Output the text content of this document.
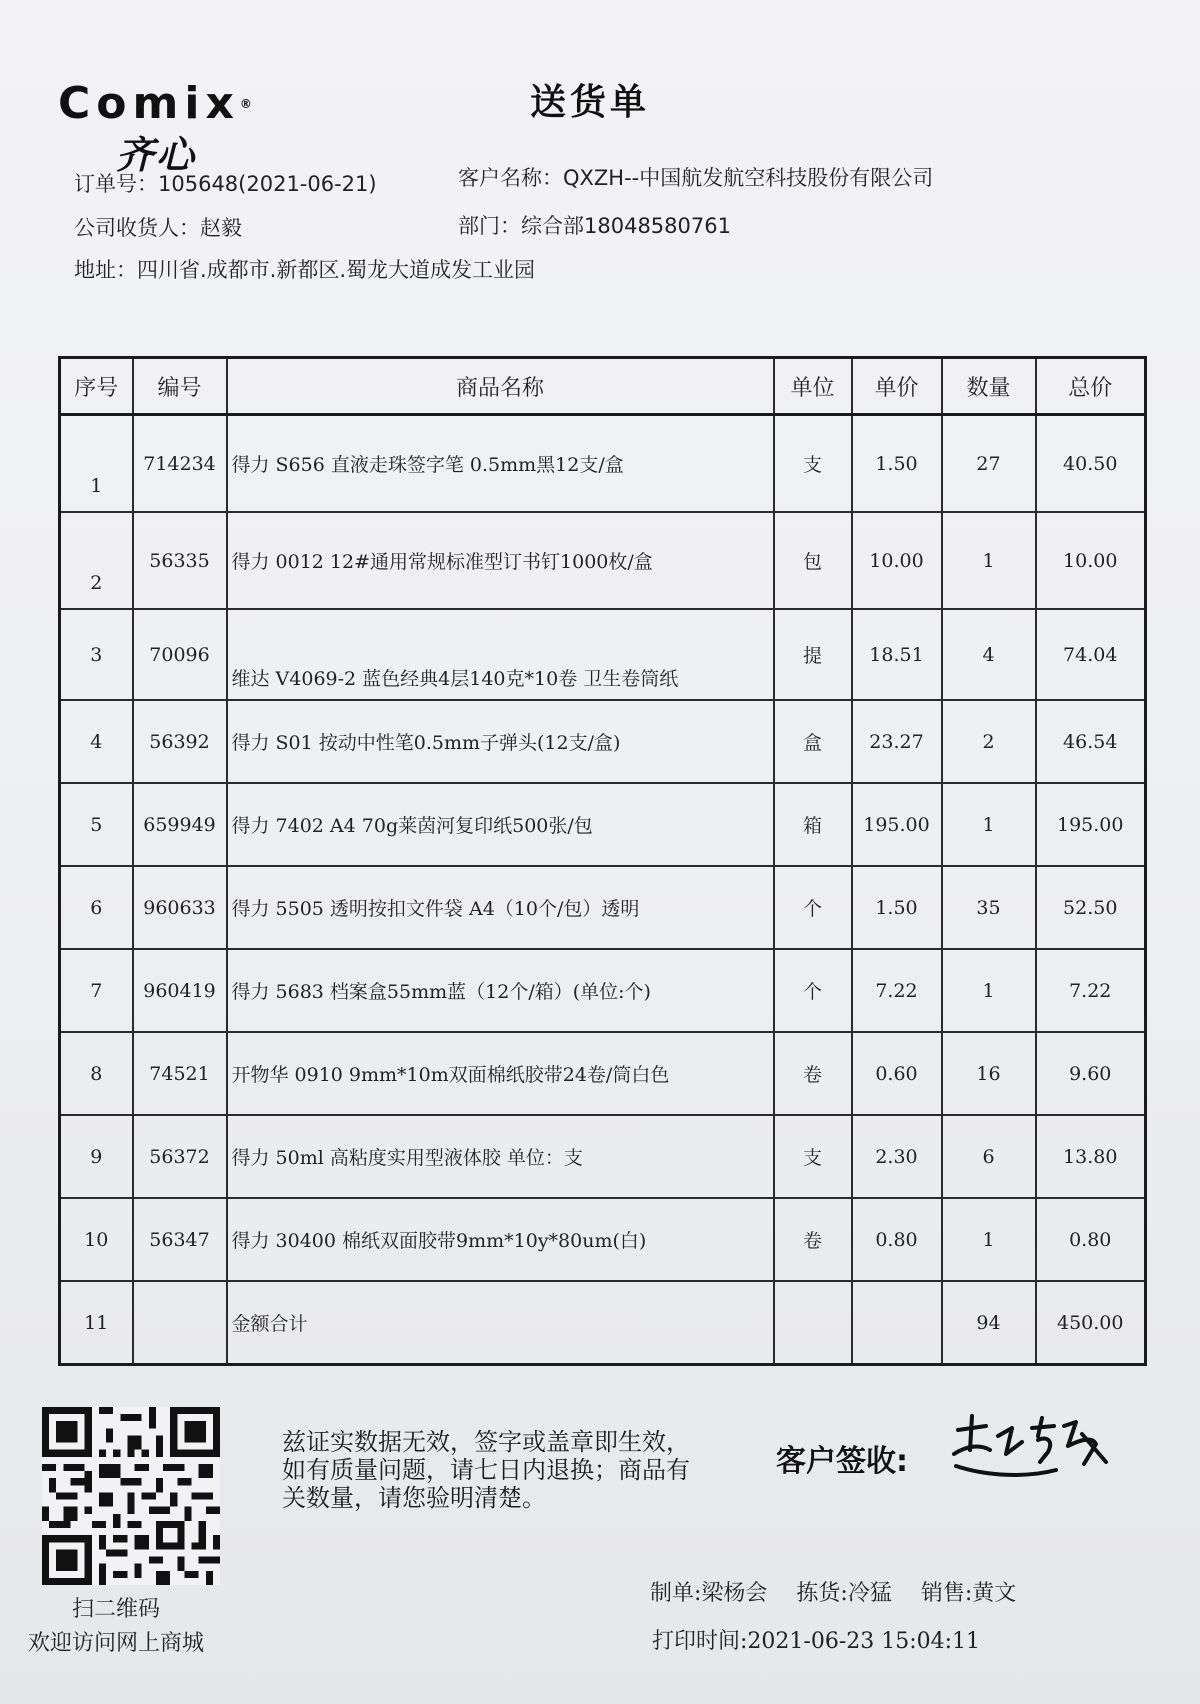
Comix®
齐心
送货单
订单号：105648(2021-06-21)	客户名称：QXZH--中国航发航空科技股份有限公司
公司收货人：赵毅	部门：综合部18048580761
地址：四川省.成都市.新都区.蜀龙大道成发工业园
序号	编号	商品名称	单位	单价	数量	总价
1	714234	得力 S656 直液走珠签字笔 0.5mm黑12支/盒	支	1.50	27	40.50
2	56335	得力 0012 12#通用常规标准型订书钉1000枚/盒	包	10.00	1	10.00
3	70096	维达 V4069-2 蓝色经典4层140克*10卷 卫生卷筒纸	提	18.51	4	74.04
4	56392	得力 S01 按动中性笔0.5mm子弹头(12支/盒)	盒	23.27	2	46.54
5	659949	得力 7402 A4 70g莱茵河复印纸500张/包	箱	195.00	1	195.00
6	960633	得力 5505 透明按扣文件袋 A4（10个/包）透明	个	1.50	35	52.50
7	960419	得力 5683 档案盒55mm蓝（12个/箱）(单位:个)	个	7.22	1	7.22
8	74521	开物华 0910 9mm*10m双面棉纸胶带24卷/筒白色	卷	0.60	16	9.60
9	56372	得力 50ml 高粘度实用型液体胶 单位：支	支	2.30	6	13.80
10	56347	得力 30400 棉纸双面胶带9mm*10y*80um(白)	卷	0.80	1	0.80
11		金额合计			94	450.00
扫二维码
欢迎访问网上商城
兹证实数据无效，签字或盖章即生效，如有质量问题，请七日内退换；商品有关数量，请您验明清楚。
客户签收:
制单:梁杨会 拣货:冷猛 销售:黄文
打印时间:2021-06-23 15:04:11
